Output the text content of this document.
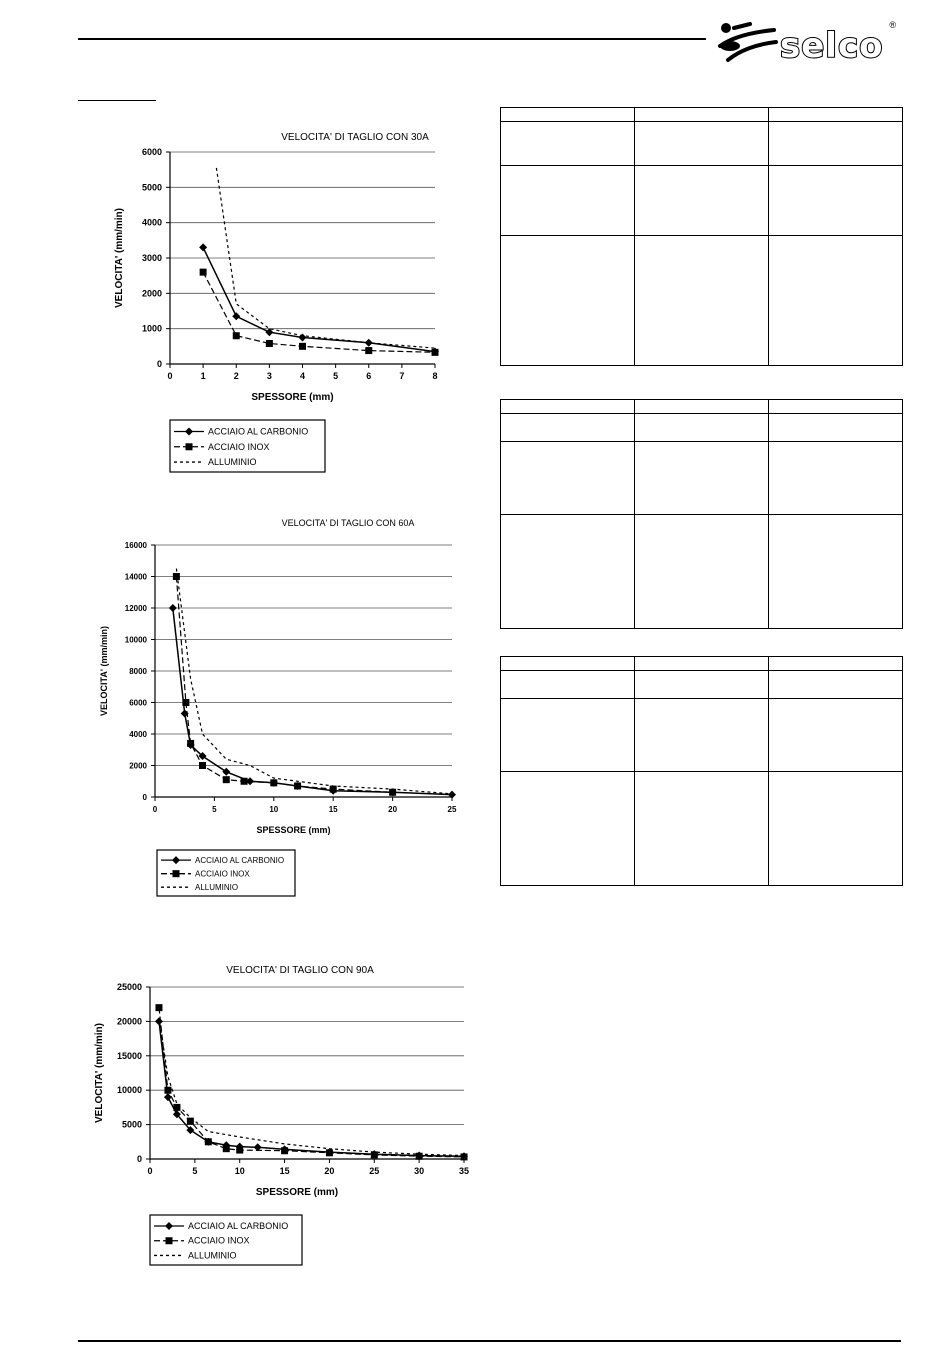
selco
®
VELOCITA' DI TAGLIO CON 30A
0
1000
2000
3000
4000
5000
6000
0	1	2	3	4	5	6	7	8
SPESSORE (mm)
VELOCITA' (mm/min)
ACCIAIO AL CARBONIO
ACCIAIO INOX
ALLUMINIO
VELOCITA' DI TAGLIO CON 60A
0
2000
4000
6000
8000
10000
12000
14000
16000
0	5	10	15	20	25
SPESSORE (mm)
VELOCITA' (mm/min)
ACCIAIO AL CARBONIO
ACCIAIO INOX
ALLUMINIO
VELOCITA' DI TAGLIO CON 90A
0
5000
10000
15000
20000
25000
0	5	10	15	20	25	30	35
SPESSORE (mm)
VELOCITA' (mm/min)
ACCIAIO AL CARBONIO
ACCIAIO INOX
ALLUMINIO
